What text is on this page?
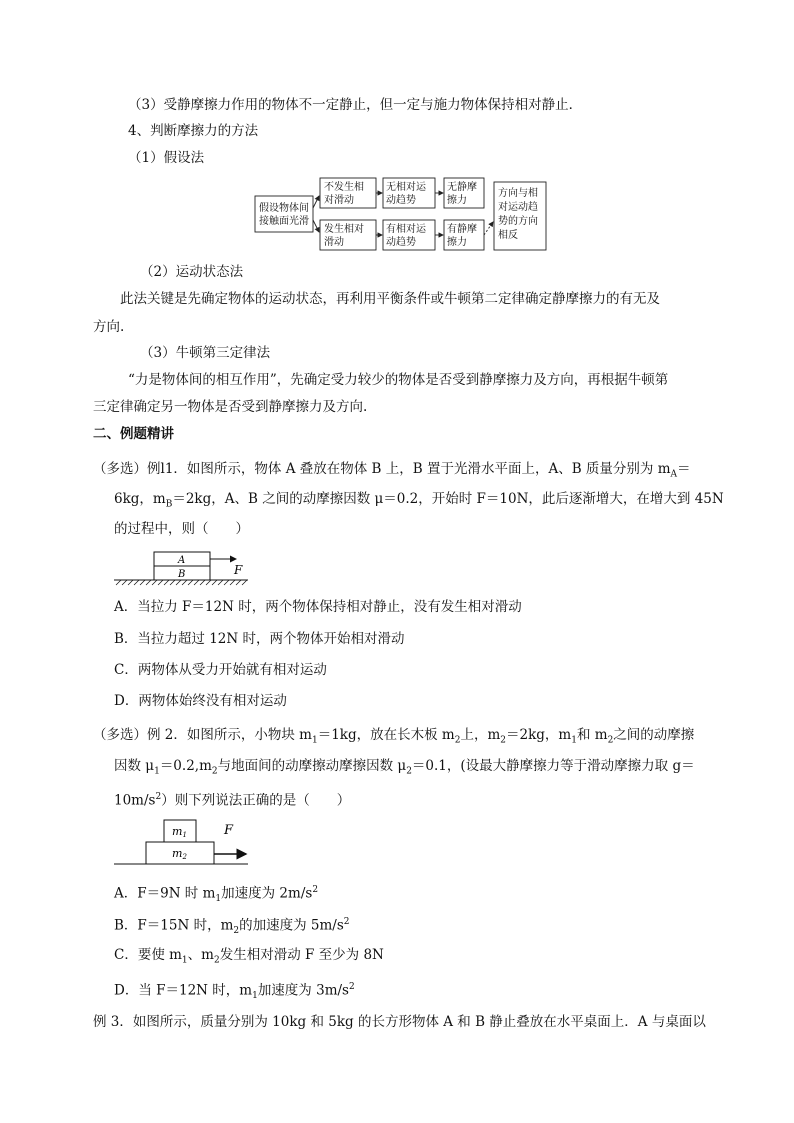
（3）受静摩擦力作用的物体不一定静止，但一定与施力物体保持相对静止．
4、判断摩擦力的方法
（1）假设法
假设物体间
接触面光滑
不发生相
对滑动
无相对运
动趋势
无静摩
擦力
发生相对
滑动
有相对运
动趋势
有静摩
擦力
方向与相
对运动趋
势的方向
相反
（2）运动状态法
此法关键是先确定物体的运动状态，再利用平衡条件或牛顿第二定律确定静摩擦力的有无及
方向.
（3）牛顿第三定律法
“力是物体间的相互作用”，先确定受力较少的物体是否受到静摩擦力及方向，再根据牛顿第
三定律确定另一物体是否受到静摩擦力及方向.
二、例题精讲
（多选）例l1．如图所示，物体 A 叠放在物体 B 上，B 置于光滑水平面上，A、B 质量分别为 $m_A=$
6kg，$m_B=2kg$，A、B 之间的动摩擦因数 μ＝0.2，开始时 F＝10N，此后逐渐增大，在增大到 45N
的过程中，则（　　）
A
B	F
A．当拉力 F＝12N 时，两个物体保持相对静止，没有发生相对滑动
B．当拉力超过 12N 时，两个物体开始相对滑动
C．两物体从受力开始就有相对运动
D．两物体始终没有相对运动
（多选）例 2．如图所示，小物块 $m_1=1kg$，放在长木板 $m_2$上，$m_2=2kg$，$m_1$和 $m_2$之间的动摩擦
因数 $\mu_1=0.2,m_2$与地面间的动摩擦动摩擦因数 $\mu_2=0.1$，(设最大静摩擦力等于滑动摩擦力取 g＝
$10m/s^2$）则下列说法正确的是（　　）
m1
m2
F
A．F＝9N 时 $m_1$加速度为 $2m/s^2$
B．F＝15N 时，$m_2$的加速度为 $5m/s^2$
C．要使 $m_1$、$m_2$发生相对滑动 F 至少为 8N
D．当 F＝12N 时，$m_1$加速度为 $3m/s^2$
例 3．如图所示，质量分别为 10kg 和 5kg 的长方形物体 A 和 B 静止叠放在水平桌面上．A 与桌面以
